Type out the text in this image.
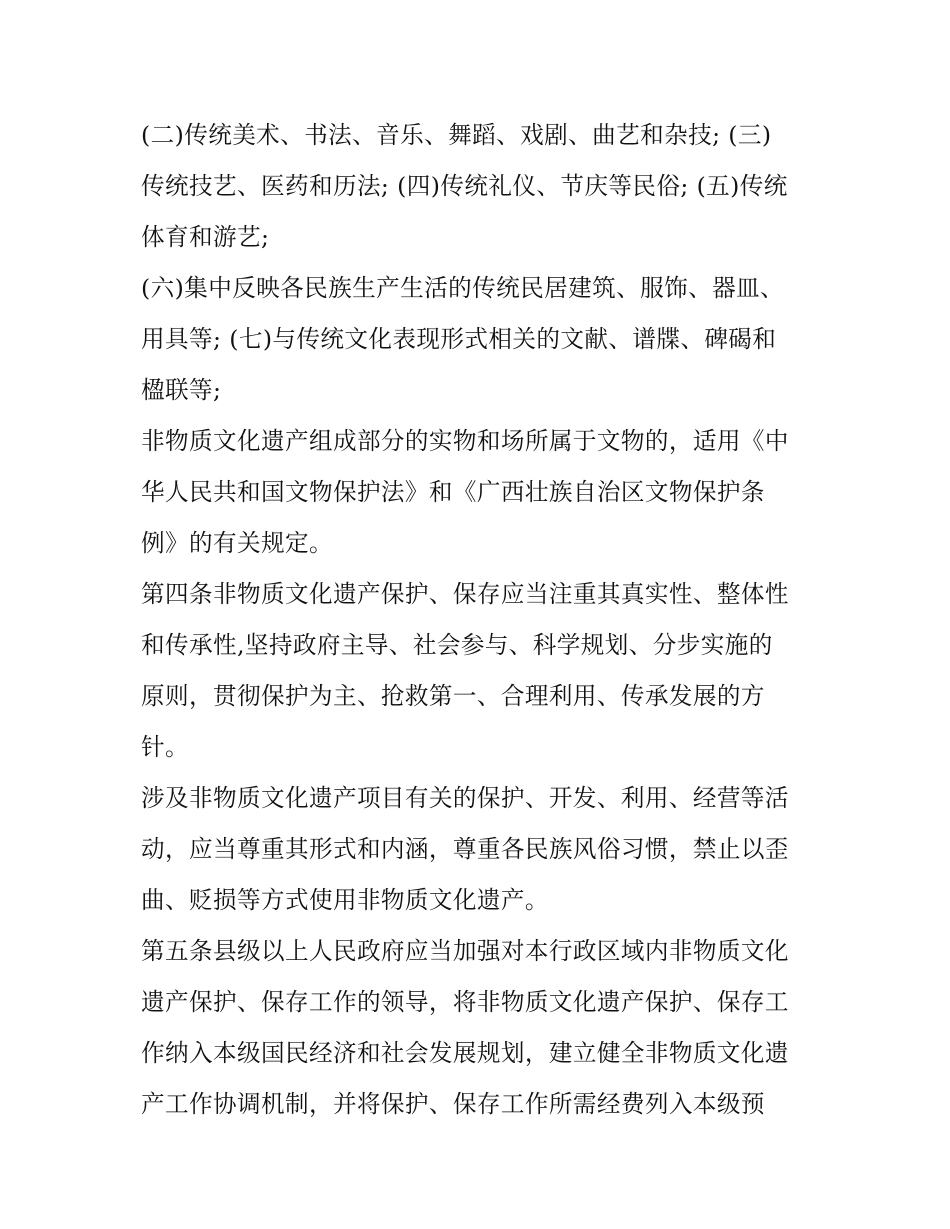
(二)传统美术、书法、音乐、舞蹈、戏剧、曲艺和杂技; (三)
传统技艺、医药和历法; (四)传统礼仪、节庆等民俗; (五)传统
体育和游艺;
(六)集中反映各民族生产生活的传统民居建筑、服饰、器皿、
用具等; (七)与传统文化表现形式相关的文献、谱牒、碑碣和
楹联等;
非物质文化遗产组成部分的实物和场所属于文物的，适用《中
华人民共和国文物保护法》和《广西壮族自治区文物保护条
例》的有关规定。
第四条非物质文化遗产保护、保存应当注重其真实性、整体性
和传承性,坚持政府主导、社会参与、科学规划、分步实施的
原则，贯彻保护为主、抢救第一、合理利用、传承发展的方
针。
涉及非物质文化遗产项目有关的保护、开发、利用、经营等活
动，应当尊重其形式和内涵，尊重各民族风俗习惯，禁止以歪
曲、贬损等方式使用非物质文化遗产。
第五条县级以上人民政府应当加强对本行政区域内非物质文化
遗产保护、保存工作的领导，将非物质文化遗产保护、保存工
作纳入本级国民经济和社会发展规划，建立健全非物质文化遗
产工作协调机制，并将保护、保存工作所需经费列入本级预
